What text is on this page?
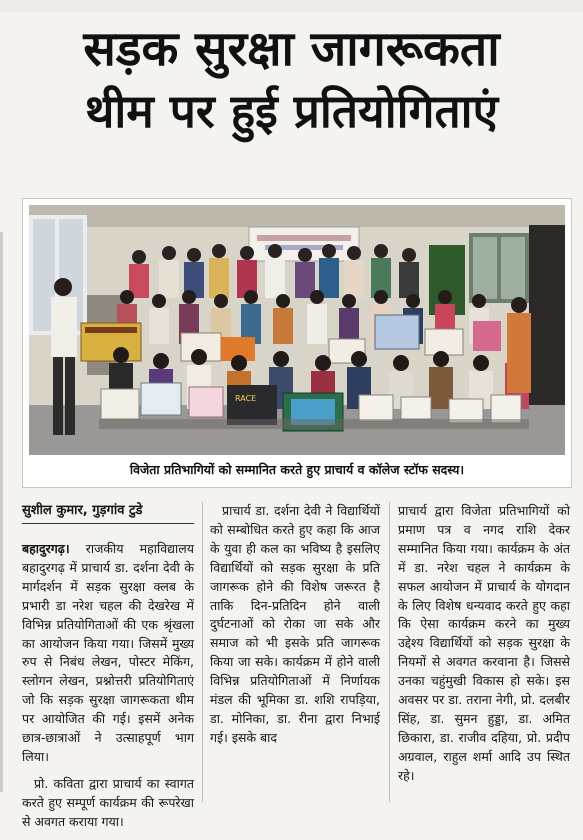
सड़क सुरक्षा जागरूकता
थीम पर हुई प्रतियोगिताएं
RACE
विजेता प्रतिभागियों को सम्मानित करते हुए प्राचार्य व कॉलेज स्टॉफ सदस्य।
सुशील कुमार, गुड़गांव टुडे

बहादुरगढ़। राजकीय महाविद्यालय बहादुरगढ़ में प्राचार्य डा. दर्शना देवी के मार्गदर्शन में सड़क सुरक्षा क्लब के प्रभारी डा नरेश चहल की देखरेख में विभिन्न प्रतियोगिताओं की एक श्रृंखला का आयोजन किया गया। जिसमें मुख्य रुप से निबंध लेखन, पोस्टर मेकिंग, स्लोगन लेखन, प्रश्नोत्तरी प्रतियोगिताएं जो कि सड़क सुरक्षा जागरूकता थीम पर आयोजित की गई। इसमें अनेक छात्र-छात्राओं ने उत्साहपूर्ण भाग लिया।

प्रो. कविता द्वारा प्राचार्य का स्वागत करते हुए सम्पूर्ण कार्यक्रम की रूपरेखा से अवगत कराया गया।

प्राचार्य डा. दर्शना देवी ने विद्यार्थियों को सम्बोधित करते हुए कहा कि आज के युवा ही कल का भविष्य है इसलिए विद्यार्थियों को सड़क सुरक्षा के प्रति जागरूक होने की विशेष जरूरत है ताकि दिन-प्रतिदिन होने वाली दुर्घटनाओं को रोका जा सके और समाज को भी इसके प्रति जागरूक किया जा सके। कार्यक्रम में होने वाली विभिन्न प्रतियोगिताओं में निर्णायक मंडल की भूमिका डा. शशि रापड़िया, डा. मोनिका, डा. रीना द्वारा निभाई गई। इसके बाद

प्राचार्य द्वारा विजेता प्रतिभागियों को प्रमाण पत्र व नगद राशि देकर सम्मानित किया गया। कार्यक्रम के अंत में डा. नरेश चहल ने कार्यक्रम के सफल आयोजन में प्राचार्य के योगदान के लिए विशेष धन्यवाद करते हुए कहा कि ऐसा कार्यक्रम करने का मुख्य उद्देश्य विद्यार्थियों को सड़क सुरक्षा के नियमों से अवगत करवाना है। जिससे उनका चहुंमुखी विकास हो सके। इस अवसर पर डा. तराना नेगी, प्रो. दलबीर सिंह, डा. सुमन हुड्डा, डा. अमित छिकारा, डा. राजीव दहिया, प्रो. प्रदीप अग्रवाल, राहुल शर्मा आदि उप स्थित रहे।
